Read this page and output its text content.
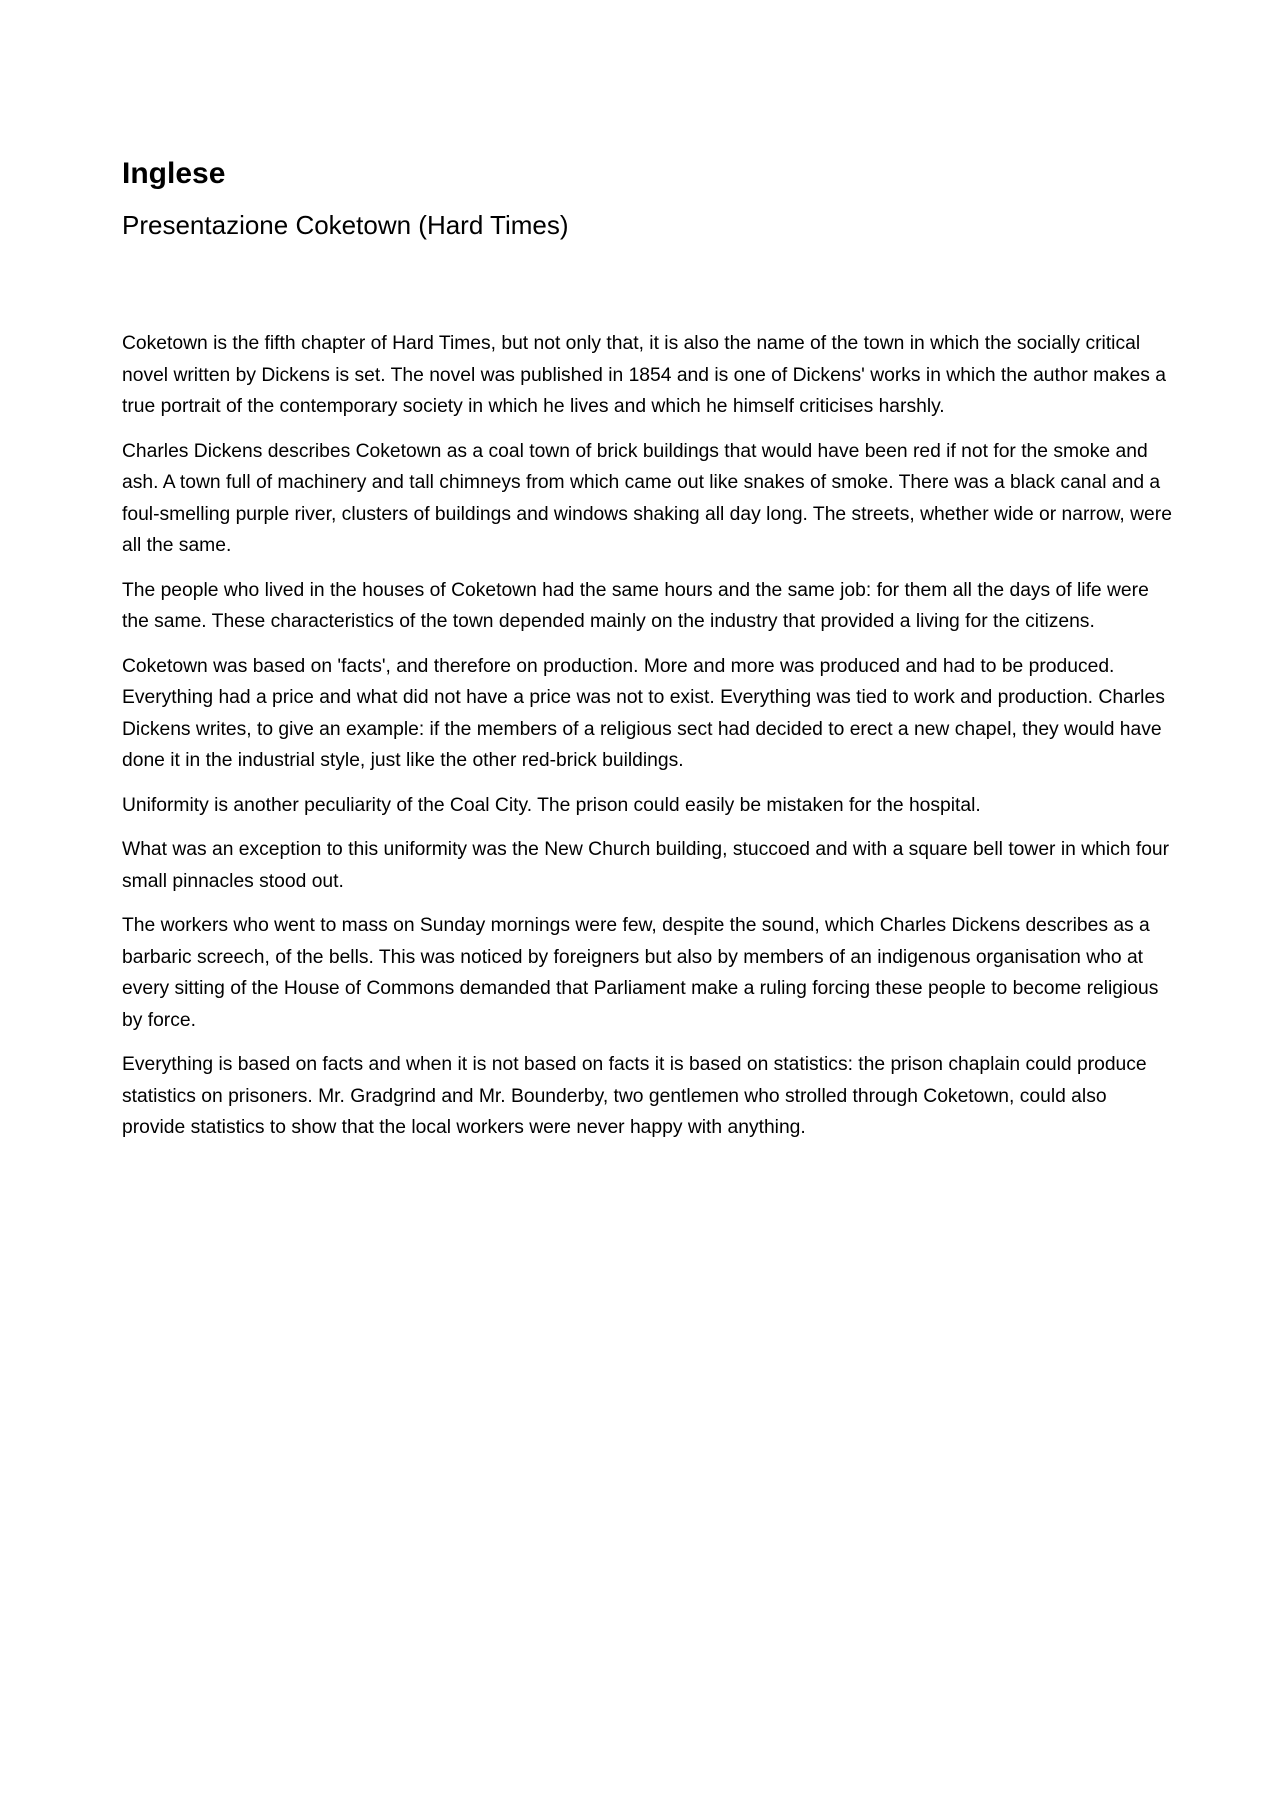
Inglese
Presentazione Coketown (Hard Times)

Coketown is the fifth chapter of Hard Times, but not only that, it is also the name of the town in which the socially critical novel written by Dickens is set. The novel was published in 1854 and is one of Dickens' works in which the author makes a true portrait of the contemporary society in which he lives and which he himself criticises harshly.

Charles Dickens describes Coketown as a coal town of brick buildings that would have been red if not for the smoke and ash. A town full of machinery and tall chimneys from which came out like snakes of smoke. There was a black canal and a foul-smelling purple river, clusters of buildings and windows shaking all day long. The streets, whether wide or narrow, were all the same.

The people who lived in the houses of Coketown had the same hours and the same job: for them all the days of life were the same. These characteristics of the town depended mainly on the industry that provided a living for the citizens.

Coketown was based on 'facts', and therefore on production. More and more was produced and had to be produced. Everything had a price and what did not have a price was not to exist. Everything was tied to work and production. Charles Dickens writes, to give an example: if the members of a religious sect had decided to erect a new chapel, they would have done it in the industrial style, just like the other red-brick buildings.

Uniformity is another peculiarity of the Coal City. The prison could easily be mistaken for the hospital.

What was an exception to this uniformity was the New Church building, stuccoed and with a square bell tower in which four small pinnacles stood out.

The workers who went to mass on Sunday mornings were few, despite the sound, which Charles Dickens describes as a barbaric screech, of the bells. This was noticed by foreigners but also by members of an indigenous organisation who at every sitting of the House of Commons demanded that Parliament make a ruling forcing these people to become religious by force.

Everything is based on facts and when it is not based on facts it is based on statistics: the prison chaplain could produce statistics on prisoners. Mr. Gradgrind and Mr. Bounderby, two gentlemen who strolled through Coketown, could also provide statistics to show that the local workers were never happy with anything.
